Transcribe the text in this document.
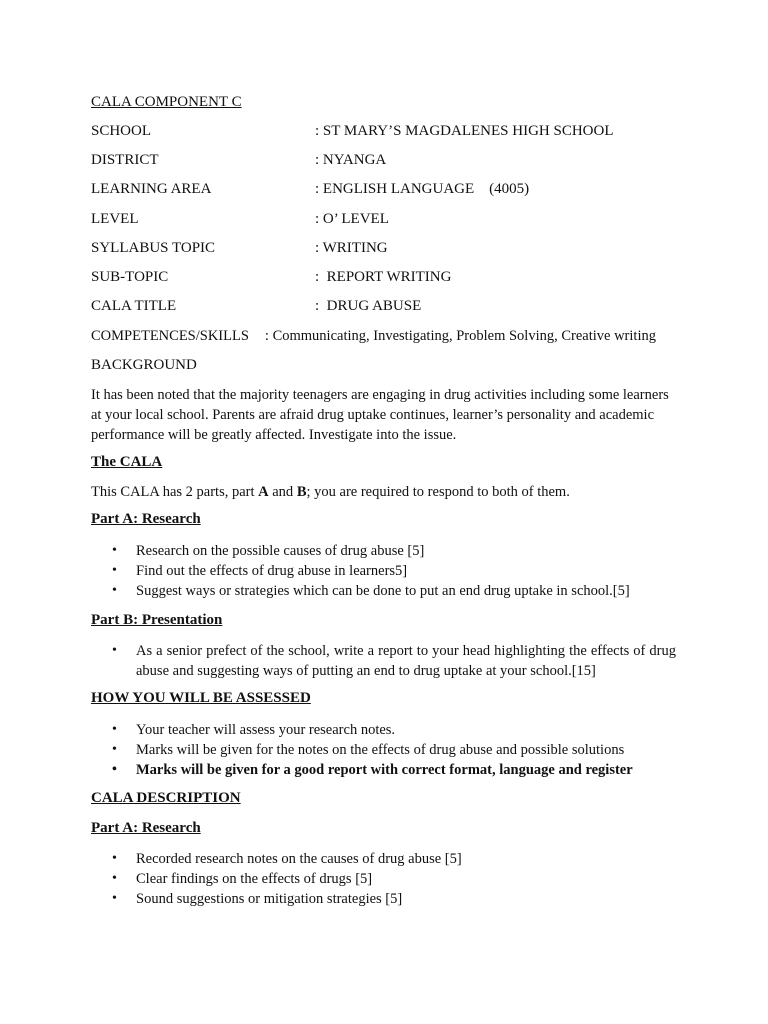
CALA COMPONENT C
SCHOOL	: ST MARY’S MAGDALENES HIGH SCHOOL
DISTRICT	: NYANGA
LEARNING AREA	: ENGLISH LANGUAGE    (4005)
LEVEL	: O’ LEVEL
SYLLABUS TOPIC	: WRITING
SUB-TOPIC	:  REPORT WRITING
CALA TITLE	:  DRUG ABUSE
COMPETENCES/SKILLS : Communicating, Investigating, Problem Solving, Creative writing
BACKGROUND
It has been noted that the majority teenagers are engaging in drug activities including some learners at your local school. Parents are afraid drug uptake continues, learner’s personality and academic performance will be greatly affected. Investigate into the issue.
The CALA
This CALA has 2 parts, part A and B; you are required to respond to both of them.
Part A: Research
• Research on the possible causes of drug abuse [5]
• Find out the effects of drug abuse in learners5]
• Suggest ways or strategies which can be done to put an end drug uptake in school.[5]
Part B: Presentation
• As a senior prefect of the school, write a report to your head highlighting the effects of drug abuse and suggesting ways of putting an end to drug uptake at your school.[15]
HOW YOU WILL BE ASSESSED
• Your teacher will assess your research notes.
• Marks will be given for the notes on the effects of drug abuse and possible solutions
• Marks will be given for a good report with correct format, language and register
CALA DESCRIPTION
Part A: Research
• Recorded research notes on the causes of drug abuse [5]
• Clear findings on the effects of drugs [5]
• Sound suggestions or mitigation strategies [5]
